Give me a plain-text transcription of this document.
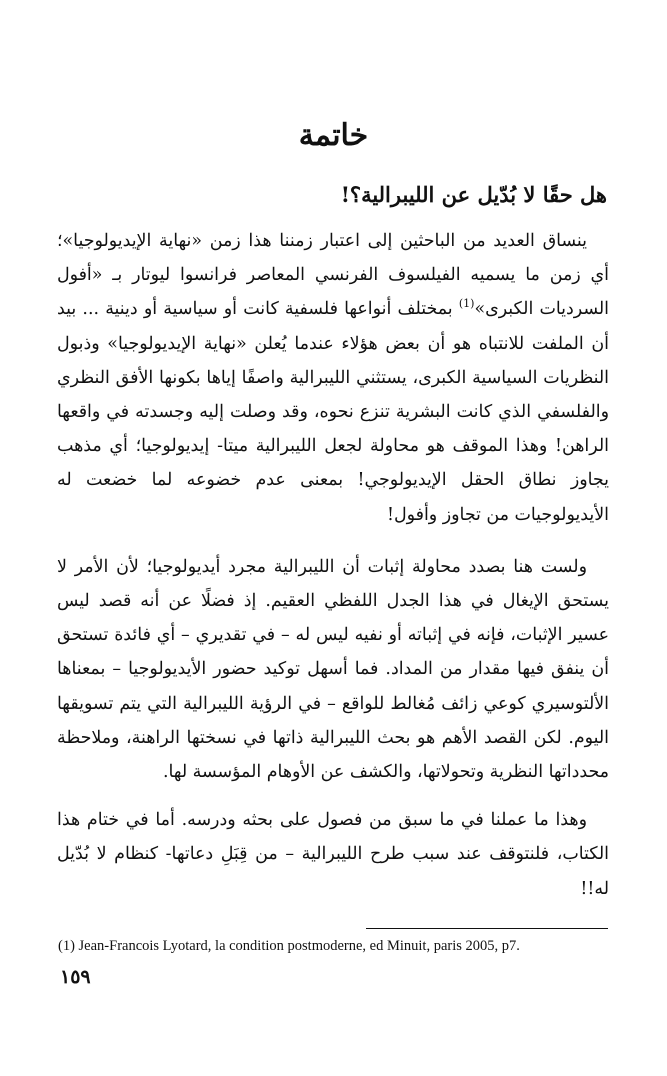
خاتمة
هل حقًا لا بُدّيل عن الليبرالية؟!

ينساق العديد من الباحثين إلى اعتبار زمننا هذا زمن «نهاية الإيديولوجيا»؛ أي زمن ما يسميه الفيلسوف الفرنسي المعاصر فرانسوا ليوتار بـ «أفول السرديات الكبرى»$^{(1)}$ بمختلف أنواعها فلسفية كانت أو سياسية أو دينية ... بيد أن الملفت للانتباه هو أن بعض هؤلاء عندما يُعلن «نهاية الإيديولوجيا» وذبول النظريات السياسية الكبرى، يستثني الليبرالية واصفًا إياها بكونها الأفق النظري والفلسفي الذي كانت البشرية تنزع نحوه، وقد وصلت إليه وجسدته في واقعها الراهن! وهذا الموقف هو محاولة لجعل الليبرالية ميتا- إيديولوجيا؛ أي مذهب يجاوز نطاق الحقل الإيديولوجي! بمعنى عدم خضوعه لما خضعت له الأيديولوجيات من تجاوز وأفول!

ولست هنا بصدد محاولة إثبات أن الليبرالية مجرد أيديولوجيا؛ لأن الأمر لا يستحق الإيغال في هذا الجدل اللفظي العقيم. إذ فضلًا عن أنه قصد ليس عسير الإثبات، فإنه في إثباته أو نفيه ليس له – في تقديري – أي فائدة تستحق أن ينفق فيها مقدار من المداد. فما أسهل توكيد حضور الأيديولوجيا – بمعناها الألتوسيري كوعي زائف مُغالط للواقع – في الرؤية الليبرالية التي يتم تسويقها اليوم. لكن القصد الأهم هو بحث الليبرالية ذاتها في نسختها الراهنة، وملاحظة محدداتها النظرية وتحولاتها، والكشف عن الأوهام المؤسسة لها.

وهذا ما عملنا في ما سبق من فصول على بحثه ودرسه. أما في ختام هذا الكتاب، فلنتوقف عند سبب طرح الليبرالية – من قِبَلِ دعاتها- كنظام لا بُدّيل له!!

(1) Jean-Francois Lyotard, la condition postmoderne, ed Minuit, paris 2005, p7.
١٥٩
